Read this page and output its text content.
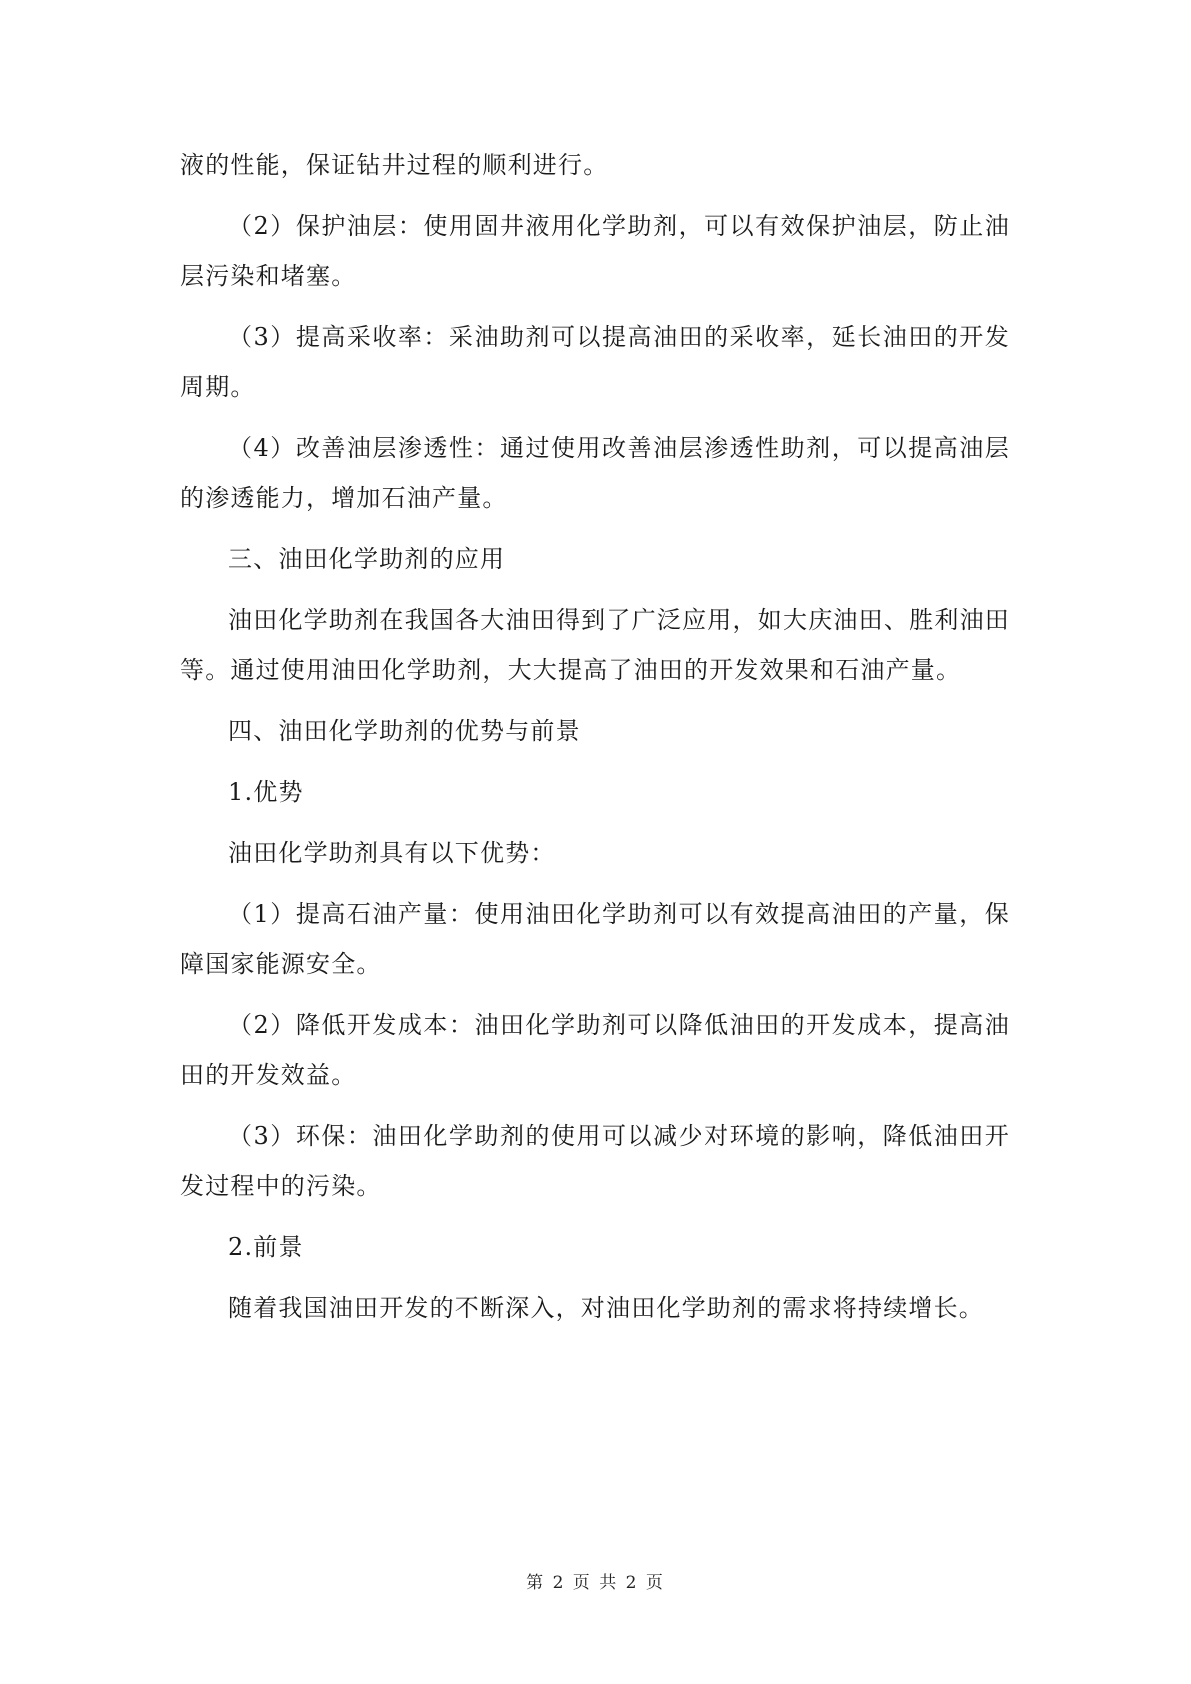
液的性能，保证钻井过程的顺利进行。

（2）保护油层：使用固井液用化学助剂，可以有效保护油层，防止油层污染和堵塞。

（3）提高采收率：采油助剂可以提高油田的采收率，延长油田的开发周期。

（4）改善油层渗透性：通过使用改善油层渗透性助剂，可以提高油层的渗透能力，增加石油产量。

三、油田化学助剂的应用

油田化学助剂在我国各大油田得到了广泛应用，如大庆油田、胜利油田等。通过使用油田化学助剂，大大提高了油田的开发效果和石油产量。

四、油田化学助剂的优势与前景

1.优势

油田化学助剂具有以下优势：

（1）提高石油产量：使用油田化学助剂可以有效提高油田的产量，保障国家能源安全。

（2）降低开发成本：油田化学助剂可以降低油田的开发成本，提高油田的开发效益。

（3）环保：油田化学助剂的使用可以减少对环境的影响，降低油田开发过程中的污染。

2.前景

随着我国油田开发的不断深入，对油田化学助剂的需求将持续增长。

第 2 页 共 2 页
